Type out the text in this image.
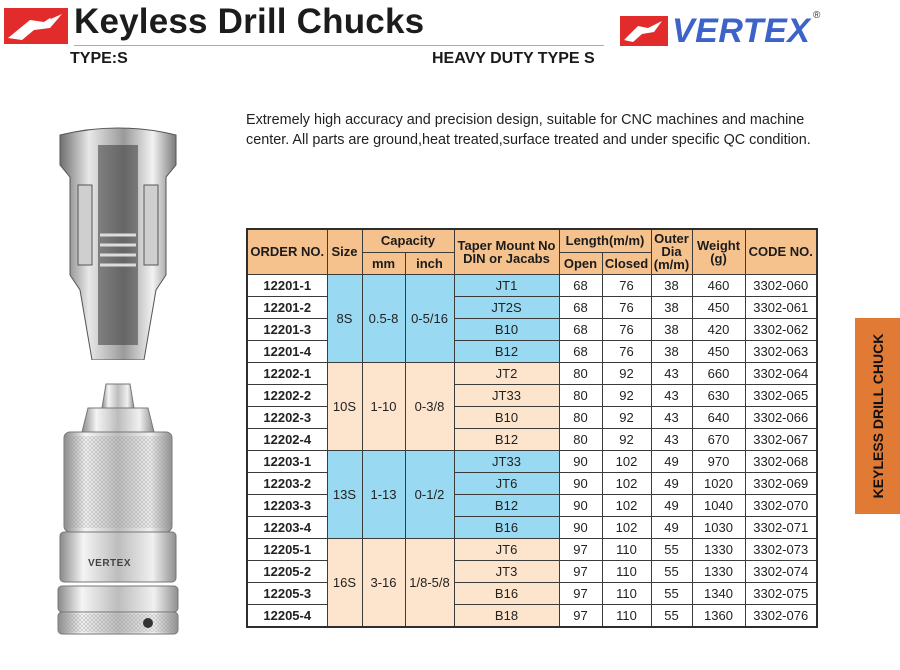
Keyless Drill Chucks
TYPE:S	HEAVY DUTY TYPE S
VERTEX ®
Extremely high accuracy and precision design, suitable for CNC machines and machine center. All parts are ground,heat treated,surface treated and under specific QC condition.
KEYLESS DRILL CHUCK
VERTEX
ORDER NO.	Size	Capacity		Taper Mount No DIN or Jacabs	Length(m/m)		Outer Dia (m/m)	Weight (g)	CODE NO.
		mm	inch		Open	Closed			
12201-1	8S	0.5-8	0-5/16	JT1	68	76	38	460	3302-060
12201-2				JT2S	68	76	38	450	3302-061
12201-3				B10	68	76	38	420	3302-062
12201-4				B12	68	76	38	450	3302-063
12202-1	10S	1-10	0-3/8	JT2	80	92	43	660	3302-064
12202-2				JT33	80	92	43	630	3302-065
12202-3				B10	80	92	43	640	3302-066
12202-4				B12	80	92	43	670	3302-067
12203-1	13S	1-13	0-1/2	JT33	90	102	49	970	3302-068
12203-2				JT6	90	102	49	1020	3302-069
12203-3				B12	90	102	49	1040	3302-070
12203-4				B16	90	102	49	1030	3302-071
12205-1	16S	3-16	1/8-5/8	JT6	97	110	55	1330	3302-073
12205-2				JT3	97	110	55	1330	3302-074
12205-3				B16	97	110	55	1340	3302-075
12205-4				B18	97	110	55	1360	3302-076
